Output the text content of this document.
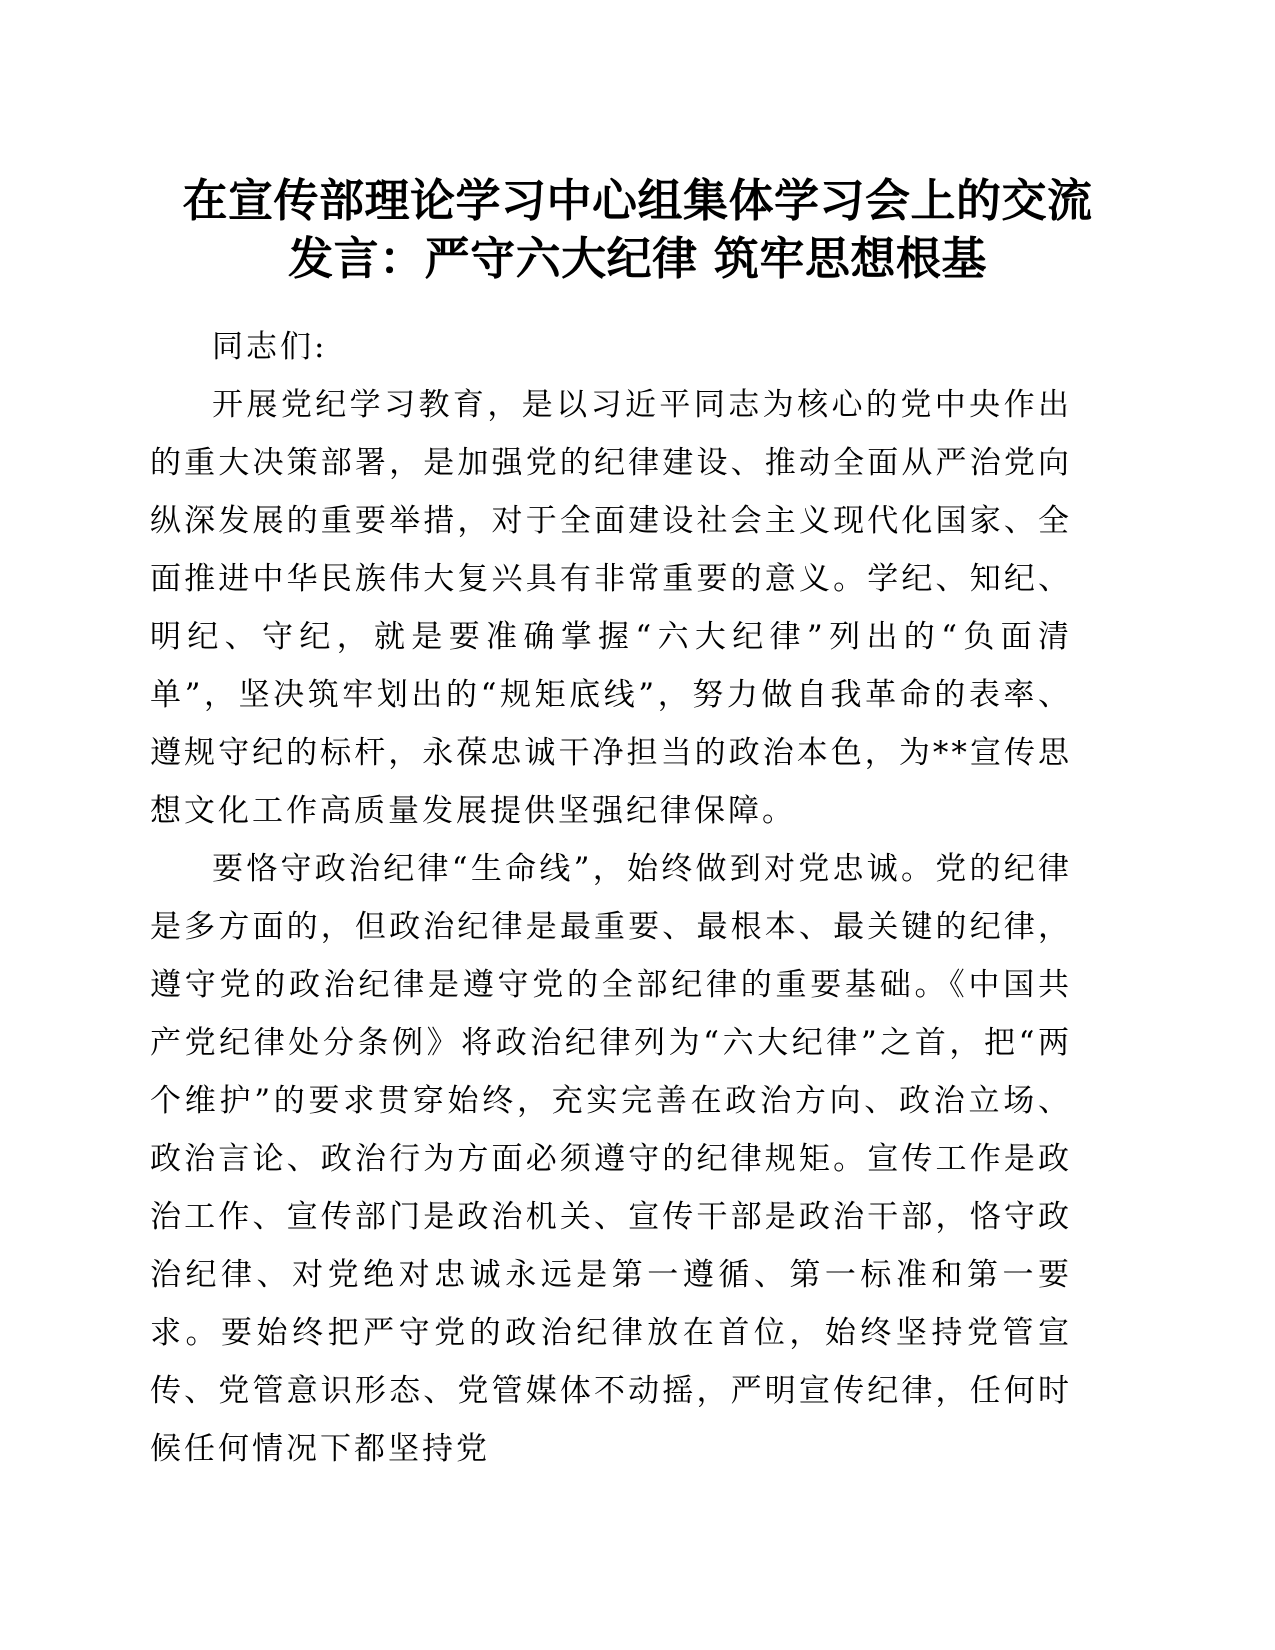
在宣传部理论学习中心组集体学习会上的交流
发言：严守六大纪律 筑牢思想根基

同志们:

开展党纪学习教育，是以习近平同志为核心的党中央作出的重大决策部署，是加强党的纪律建设、推动全面从严治党向纵深发展的重要举措，对于全面建设社会主义现代化国家、全面推进中华民族伟大复兴具有非常重要的意义。学纪、知纪、明纪、守纪，就是要准确掌握“六大纪律”列出的“负面清单”，坚决筑牢划出的“规矩底线”，努力做自我革命的表率、遵规守纪的标杆，永葆忠诚干净担当的政治本色，为**宣传思想文化工作高质量发展提供坚强纪律保障。

要恪守政治纪律“生命线”，始终做到对党忠诚。党的纪律是多方面的，但政治纪律是最重要、最根本、最关键的纪律，遵守党的政治纪律是遵守党的全部纪律的重要基础。《中国共产党纪律处分条例》将政治纪律列为“六大纪律”之首，把“两个维护”的要求贯穿始终，充实完善在政治方向、政治立场、政治言论、政治行为方面必须遵守的纪律规矩。宣传工作是政治工作、宣传部门是政治机关、宣传干部是政治干部，恪守政治纪律、对党绝对忠诚永远是第一遵循、第一标准和第一要求。要始终把严守党的政治纪律放在首位，始终坚持党管宣传、党管意识形态、党管媒体不动摇，严明宣传纪律，任何时候任何情况下都坚持党
